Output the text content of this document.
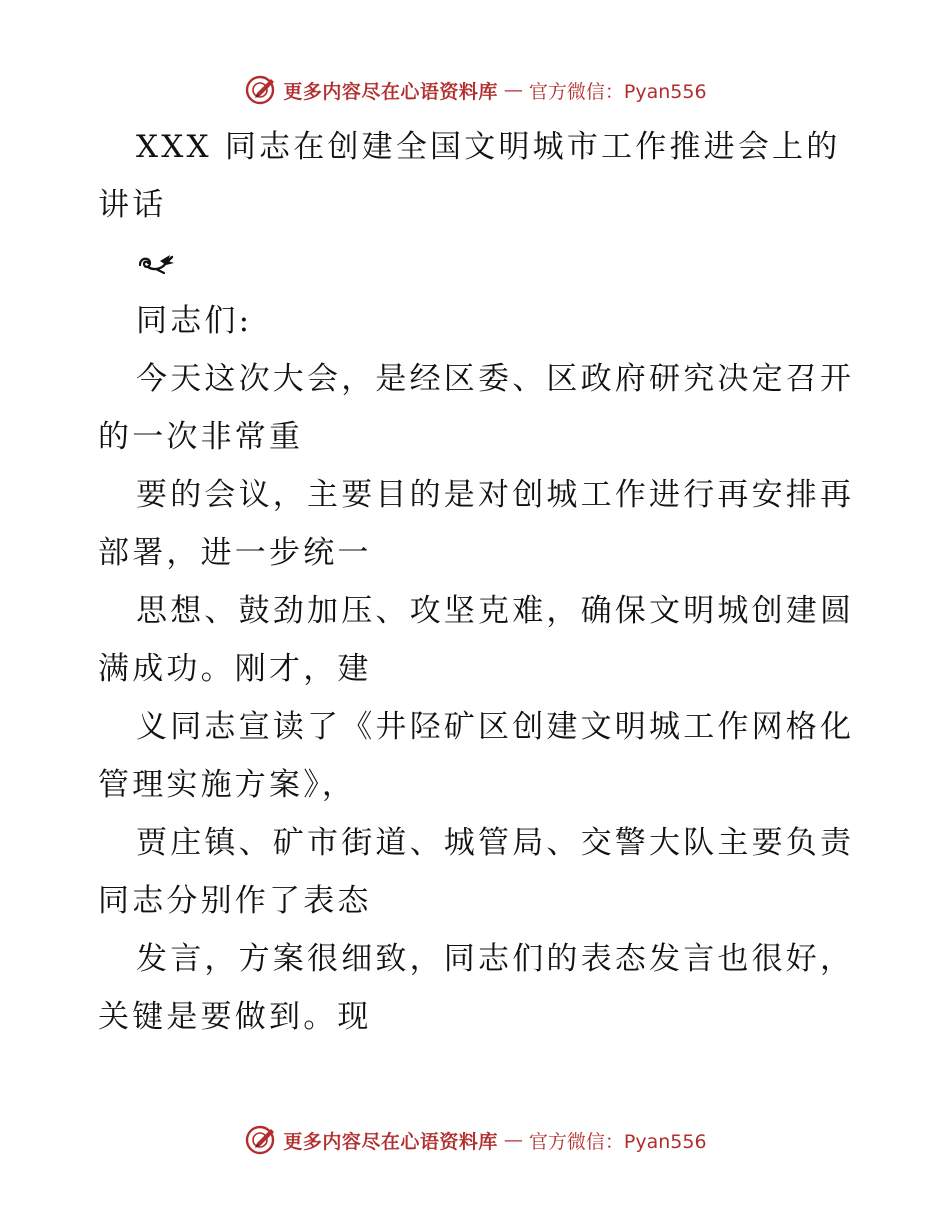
更多内容尽在心语资料库 — 官方微信：Pyan556

XXX 同志在创建全国文明城市工作推进会上的讲话

同志们:

今天这次大会，是经区委、区政府研究决定召开的一次非常重

要的会议，主要目的是对创城工作进行再安排再部署，进一步统一

思想、鼓劲加压、攻坚克难，确保文明城创建圆满成功。刚才，建

义同志宣读了《井陉矿区创建文明城工作网格化管理实施方案》，

贾庄镇、矿市街道、城管局、交警大队主要负责同志分别作了表态

发言，方案很细致，同志们的表态发言也很好，关键是要做到。现

更多内容尽在心语资料库 — 官方微信：Pyan556
